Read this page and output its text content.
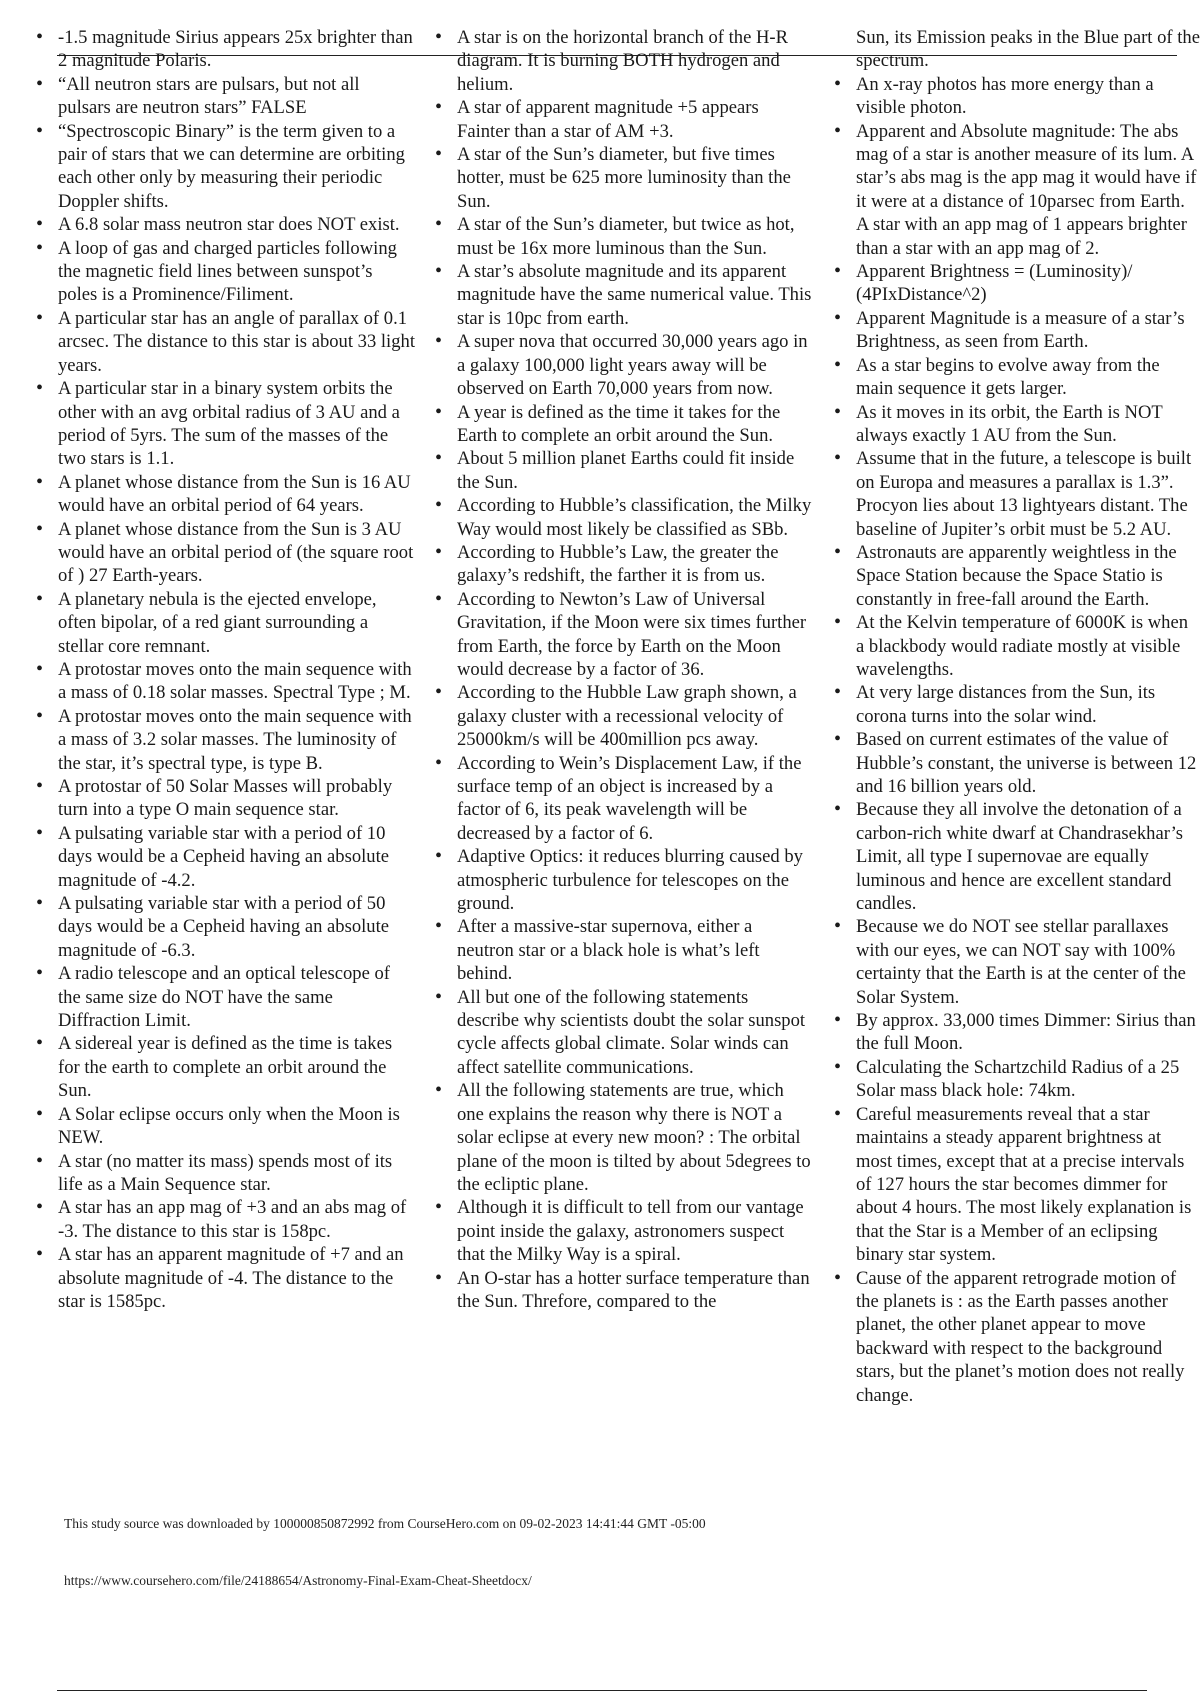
• -1.5 magnitude Sirius appears 25x brighter than 2 magnitude Polaris.
• “All neutron stars are pulsars, but not all pulsars are neutron stars” FALSE
• “Spectroscopic Binary” is the term given to a pair of stars that we can determine are orbiting each other only by measuring their periodic Doppler shifts.
• A 6.8 solar mass neutron star does NOT exist.
• A loop of gas and charged particles following the magnetic field lines between sunspot’s poles is a Prominence/Filiment.
• A particular star has an angle of parallax of 0.1 arcsec. The distance to this star is about 33 light years.
• A particular star in a binary system orbits the other with an avg orbital radius of 3 AU and a period of 5yrs. The sum of the masses of the two stars is 1.1.
• A planet whose distance from the Sun is 16 AU would have an orbital period of 64 years.
• A planet whose distance from the Sun is 3 AU would have an orbital period of (the square root of ) 27 Earth-years.
• A planetary nebula is the ejected envelope, often bipolar, of a red giant surrounding a stellar core remnant.
• A protostar moves onto the main sequence with a mass of 0.18 solar masses. Spectral Type ; M.
• A protostar moves onto the main sequence with a mass of 3.2 solar masses. The luminosity of the star, it’s spectral type, is type B.
• A protostar of 50 Solar Masses will probably turn into a type O main sequence star.
• A pulsating variable star with a period of 10 days would be a Cepheid having an absolute magnitude of -4.2.
• A pulsating variable star with a period of 50 days would be a Cepheid having an absolute magnitude of -6.3.
• A radio telescope and an optical telescope of the same size do NOT have the same Diffraction Limit.
• A sidereal year is defined as the time is takes for the earth to complete an orbit around the Sun.
• A Solar eclipse occurs only when the Moon is NEW.
• A star (no matter its mass) spends most of its life as a Main Sequence star.
• A star has an app mag of +3 and an abs mag of -3. The distance to this star is 158pc.
• A star has an apparent magnitude of +7 and an absolute magnitude of -4. The distance to the star is 1585pc.
• A star is on the horizontal branch of the H-R diagram. It is burning BOTH hydrogen and helium.
• A star of apparent magnitude +5 appears Fainter than a star of AM +3.
• A star of the Sun’s diameter, but five times hotter, must be 625 more luminosity than the Sun.
• A star of the Sun’s diameter, but twice as hot, must be 16x more luminous than the Sun.
• A star’s absolute magnitude and its apparent magnitude have the same numerical value. This star is 10pc from earth.
• A super nova that occurred 30,000 years ago in a galaxy 100,000 light years away will be observed on Earth 70,000 years from now.
• A year is defined as the time it takes for the Earth to complete an orbit around the Sun.
• About 5 million planet Earths could fit inside the Sun.
• According to Hubble’s classification, the Milky Way would most likely be classified as SBb.
• According to Hubble’s Law, the greater the galaxy’s redshift, the farther it is from us.
• According to Newton’s Law of Universal Gravitation, if the Moon were six times further from Earth, the force by Earth on the Moon would decrease by a factor of 36.
• According to the Hubble Law graph shown, a galaxy cluster with a recessional velocity of 25000km/s will be 400million pcs away.
• According to Wein’s Displacement Law, if the surface temp of an object is increased by a factor of 6, its peak wavelength will be decreased by a factor of 6.
• Adaptive Optics: it reduces blurring caused by atmospheric turbulence for telescopes on the ground.
• After a massive-star supernova, either a neutron star or a black hole is what’s left behind.
• All but one of the following statements describe why scientists doubt the solar sunspot cycle affects global climate. Solar winds can affect satellite communications.
• All the following statements are true, which one explains the reason why there is NOT a solar eclipse at every new moon? : The orbital plane of the moon is tilted by about 5degrees to the ecliptic plane.
• Although it is difficult to tell from our vantage point inside the galaxy, astronomers suspect that the Milky Way is a spiral.
• An O-star has a hotter surface temperature than the Sun. Threfore, compared to the
Sun, its Emission peaks in the Blue part of the spectrum.
• An x-ray photos has more energy than a visible photon.
• Apparent and Absolute magnitude: The abs mag of a star is another measure of its lum. A star’s abs mag is the app mag it would have if it were at a distance of 10parsec from Earth. A star with an app mag of 1 appears brighter than a star with an app mag of 2.
• Apparent Brightness = (Luminosity)/ (4PIxDistance^2)
• Apparent Magnitude is a measure of a star’s Brightness, as seen from Earth.
• As a star begins to evolve away from the main sequence it gets larger.
• As it moves in its orbit, the Earth is NOT always exactly 1 AU from the Sun.
• Assume that in the future, a telescope is built on Europa and measures a parallax is 1.3”. Procyon lies about 13 lightyears distant. The baseline of Jupiter’s orbit must be 5.2 AU.
• Astronauts are apparently weightless in the Space Station because the Space Statio is constantly in free-fall around the Earth.
• At the Kelvin temperature of 6000K is when a blackbody would radiate mostly at visible wavelengths.
• At very large distances from the Sun, its corona turns into the solar wind.
• Based on current estimates of the value of Hubble’s constant, the universe is between 12 and 16 billion years old.
• Because they all involve the detonation of a carbon-rich white dwarf at Chandrasekhar’s Limit, all type I supernovae are equally luminous and hence are excellent standard candles.
• Because we do NOT see stellar parallaxes with our eyes, we can NOT say with 100% certainty that the Earth is at the center of the Solar System.
• By approx. 33,000 times Dimmer: Sirius than the full Moon.
• Calculating the Schartzchild Radius of a 25 Solar mass black hole: 74km.
• Careful measurements reveal that a star maintains a steady apparent brightness at most times, except that at a precise intervals of 127 hours the star becomes dimmer for about 4 hours. The most likely explanation is that the Star is a Member of an eclipsing binary star system.
• Cause of the apparent retrograde motion of the planets is : as the Earth passes another planet, the other planet appear to move backward with respect to the background stars, but the planet’s motion does not really change.
This study source was downloaded by 100000850872992 from CourseHero.com on 09-02-2023 14:41:44 GMT -05:00
https://www.coursehero.com/file/24188654/Astronomy-Final-Exam-Cheat-Sheetdocx/
